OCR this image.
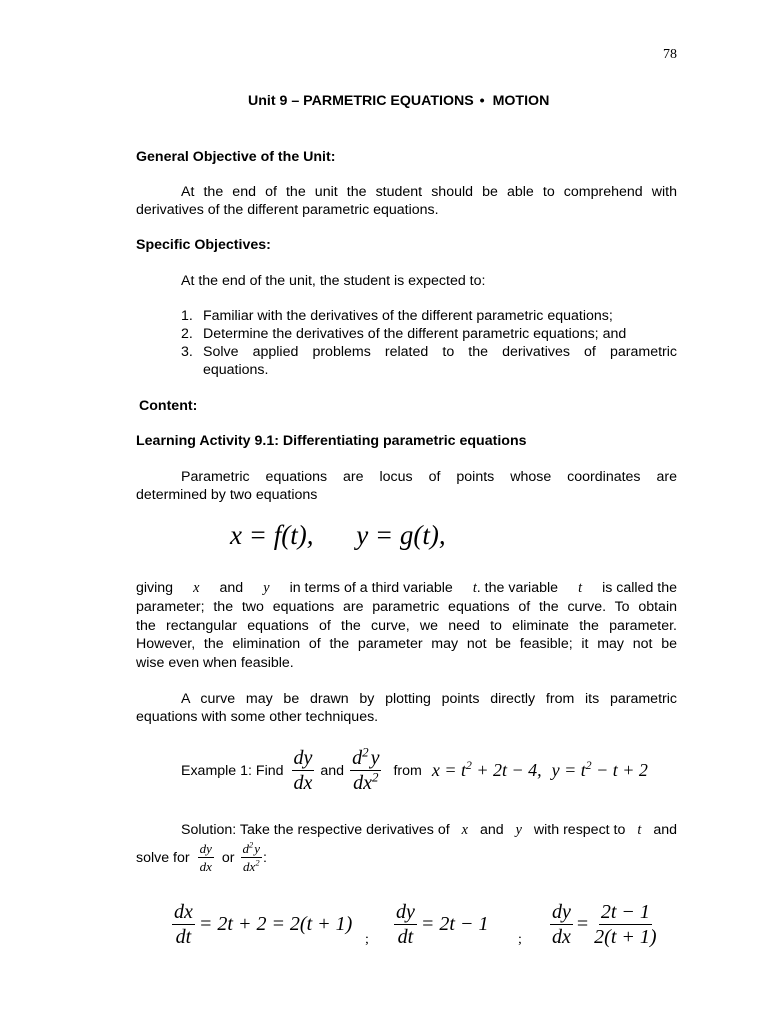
78
Unit 9 – PARMETRIC EQUATIONS • MOTION
General Objective of the Unit:
At the end of the unit the student should be able to comprehend with
derivatives of the different parametric equations.
Specific Objectives:
At the end of the unit, the student is expected to:
1. Familiar with the derivatives of the different parametric equations;
2. Determine the derivatives of the different parametric equations; and
3. Solve applied problems related to the derivatives of parametric
equations.
Content:
Learning Activity 9.1: Differentiating parametric equations
Parametric equations are locus of points whose coordinates are
determined by two equations
x = f(t), y = g(t),
giving x and y in terms of a third variable t. the variable t is called the
parameter; the two equations are parametric equations of the curve. To obtain
the rectangular equations of the curve, we need to eliminate the parameter.
However, the elimination of the parameter may not be feasible; it may not be
wise even when feasible.
A curve may be drawn by plotting points directly from its parametric
equations with some other techniques.
Example 1: Find $\frac{dy}{dx}$ and $\frac{d^2 y}{dx^2}$ from $x = t^2 + 2t - 4$, $y = t^2 - t + 2$
Solution: Take the respective derivatives of x and y with respect to t and
solve for $\frac{dy}{dx}$ or $\frac{d^2y}{dx^2}$ :
$\frac{dx}{dt} = 2t + 2 = 2(t + 1)$
; $\frac{dy}{dt} = 2t - 1$
; $\frac{dy}{dx} = \frac{2t - 1}{2(t + 1)}$
